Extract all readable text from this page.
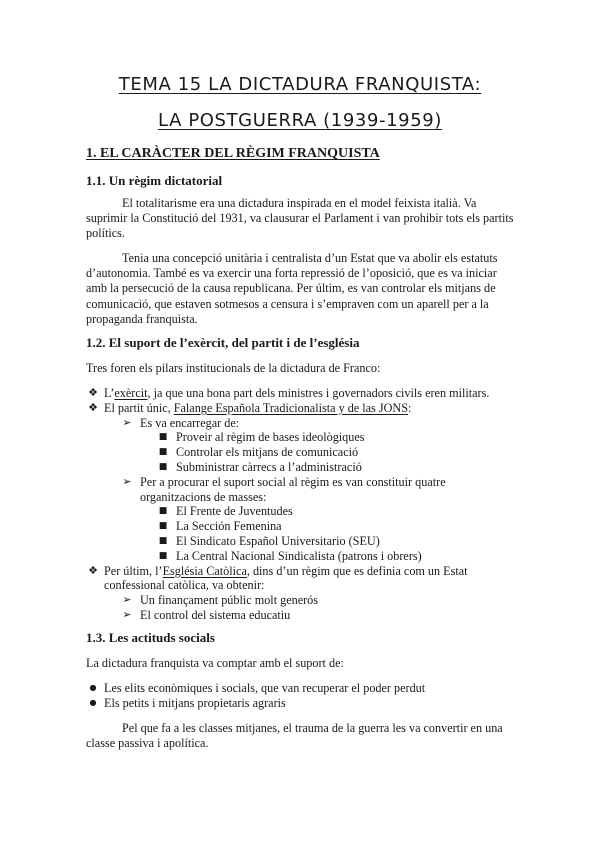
TEMA 15 LA DICTADURA FRANQUISTA:
LA POSTGUERRA (1939-1959)
1. EL CARÀCTER DEL RÈGIM FRANQUISTA
1.1. Un règim dictatorial

El totalitarisme era una dictadura inspirada en el model feixista italià. Va suprimir la Constitució del 1931, va clausurar el Parlament i van prohibir tots els partits polítics.

Tenia una concepció unitària i centralista d’un Estat que va abolir els estatuts d’autonomia. També es va exercir una forta repressió de l’oposició, que es va iniciar amb la persecució de la causa republicana. Per últim, es van controlar els mitjans de comunicació, que estaven sotmesos a censura i s’empraven com un aparell per a la propaganda franquista.

1.2. El suport de l’exèrcit, del partit i de l’església

Tres foren els pilars institucionals de la dictadura de Franco:

❖ L’exèrcit, ja que una bona part dels ministres i governadors civils eren militars.
❖ El partit únic, Falange Española Tradicionalista y de las JONS:
➢ Es va encarregar de:
■ Proveir al règim de bases ideològiques
■ Controlar els mitjans de comunicació
■ Subministrar càrrecs a l’administració
➢ Per a procurar el suport social al règim es van constituir quatre
organitzacions de masses:
■ El Frente de Juventudes
■ La Sección Femenina
■ El Sindicato Español Universitario (SEU)
■ La Central Nacional Sindicalista (patrons i obrers)
❖ Per últim, l’Església Catòlica, dins d’un règim que es definia com un Estat
confessional catòlica, va obtenir:
➢ Un finançament públic molt generós
➢ El control del sistema educatiu
1.3. Les actituds socials

La dictadura franquista va comptar amb el suport de:

● Les elits econòmiques i socials, que van recuperar el poder perdut
● Els petits i mitjans propietaris agraris

Pel que fa a les classes mitjanes, el trauma de la guerra les va convertir en una classe passiva i apolítica.
